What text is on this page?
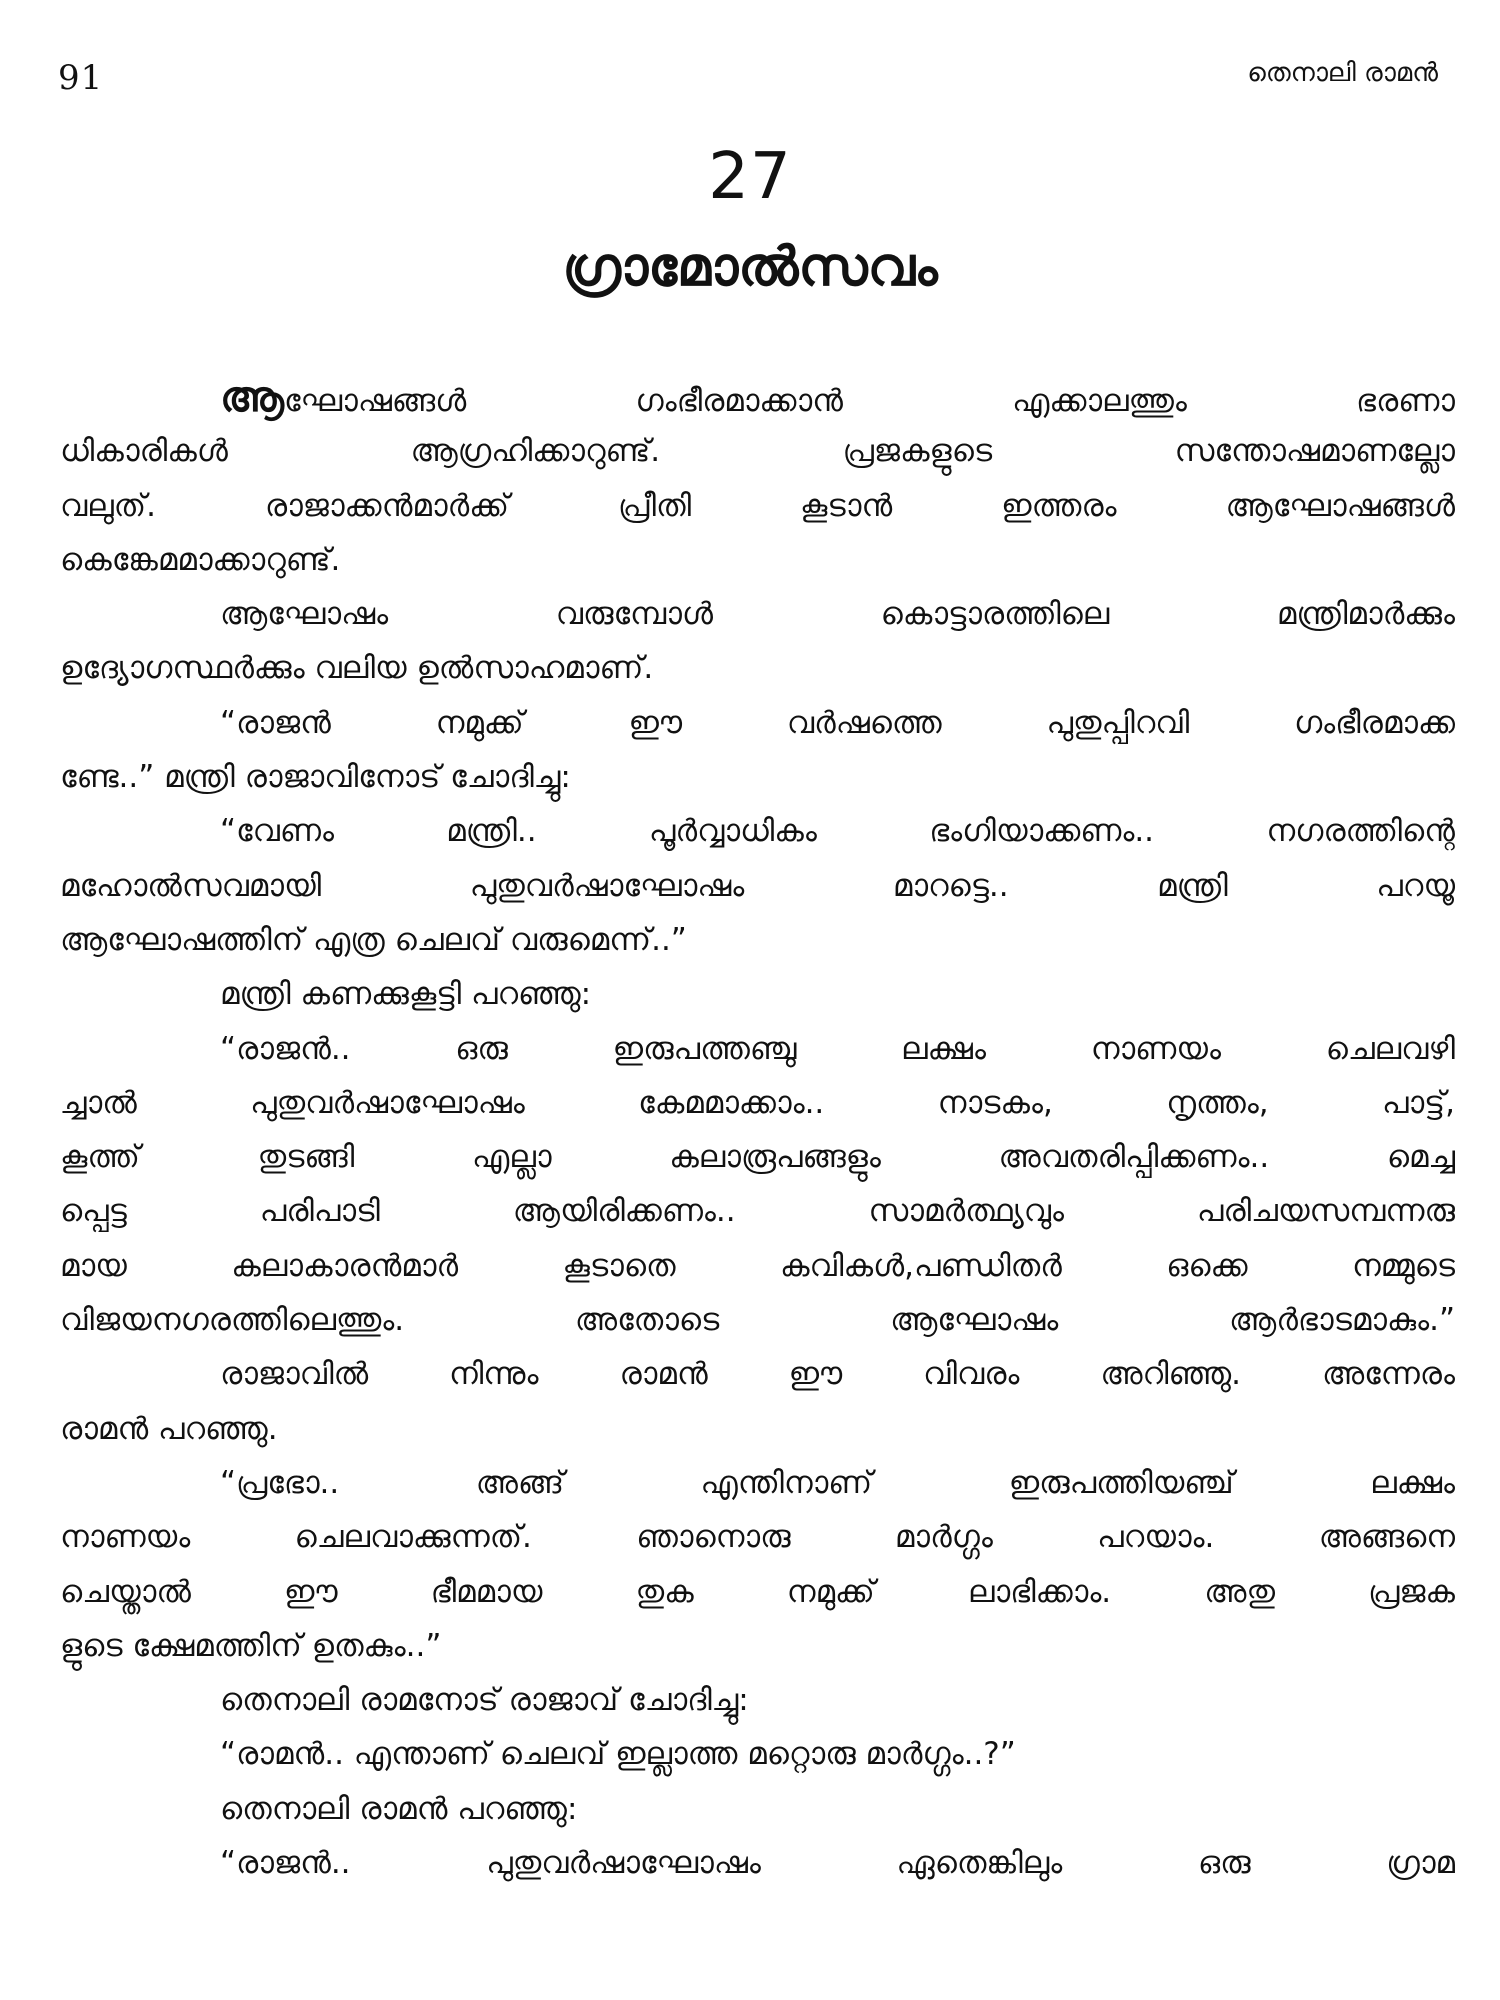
91	തെനാലി രാമൻ
27
ഗ്രാമോൽസവം
ആഘോഷങ്ങൾ ഗംഭീരമാക്കാൻ എക്കാലത്തും ഭരണാ
ധികാരികൾ ആഗ്രഹിക്കാറുണ്ട്. പ്രജകളുടെ സന്തോഷമാണല്ലോ
വലുത്. രാജാക്കൻമാർക്ക് പ്രീതി കൂടാൻ ഇത്തരം ആഘോഷങ്ങൾ
കെങ്കേമമാക്കാറുണ്ട്.
ആഘോഷം വരുമ്പോൾ കൊട്ടാരത്തിലെ മന്ത്രിമാർക്കും
ഉദ്യോഗസ്ഥർക്കും വലിയ ഉൽസാഹമാണ്.
“രാജൻ നമുക്ക് ഈ വർഷത്തെ പുതുപ്പിറവി ഗംഭീരമാക്ക
ണ്ടേ..” മന്ത്രി രാജാവിനോട് ചോദിച്ചു:
“വേണം മന്ത്രി.. പൂർവ്വാധികം ഭംഗിയാക്കണം.. നഗരത്തിന്റെ
മഹോൽസവമായി പുതുവർഷാഘോഷം മാറട്ടെ.. മന്ത്രി പറയൂ
ആഘോഷത്തിന് എത്ര ചെലവ് വരുമെന്ന്..”
മന്ത്രി കണക്കുകൂട്ടി പറഞ്ഞു:
“രാജൻ.. ഒരു ഇരുപത്തഞ്ചു ലക്ഷം നാണയം ചെലവഴി
ച്ചാൽ പുതുവർഷാഘോഷം കേമമാക്കാം.. നാടകം, നൃത്തം, പാട്ട്,
കൂത്ത് തുടങ്ങി എല്ലാ കലാരൂപങ്ങളും അവതരിപ്പിക്കണം.. മെച്ച
പ്പെട്ട പരിപാടി ആയിരിക്കണം.. സാമർത്ഥ്യവും പരിചയസമ്പന്നരു
മായ കലാകാരൻമാർ കൂടാതെ കവികൾ,പണ്ഡിതർ ഒക്കെ നമ്മുടെ
വിജയനഗരത്തിലെത്തും. അതോടെ ആഘോഷം ആർഭാടമാകും.”
രാജാവിൽ നിന്നും രാമൻ ഈ വിവരം അറിഞ്ഞു. അന്നേരം
രാമൻ പറഞ്ഞു.
“പ്രഭോ.. അങ്ങ് എന്തിനാണ് ഇരുപത്തിയഞ്ച് ലക്ഷം
നാണയം ചെലവാക്കുന്നത്. ഞാനൊരു മാർഗ്ഗം പറയാം. അങ്ങനെ
ചെയ്താൽ ഈ ഭീമമായ തുക നമുക്ക് ലാഭിക്കാം. അതു പ്രജക
ളുടെ ക്ഷേമത്തിന് ഉതകും..”
തെനാലി രാമനോട് രാജാവ് ചോദിച്ചു:
“രാമൻ.. എന്താണ് ചെലവ് ഇല്ലാത്ത മറ്റൊരു മാർഗ്ഗം..?”
തെനാലി രാമൻ പറഞ്ഞു:
“രാജൻ.. പുതുവർഷാഘോഷം ഏതെങ്കിലും ഒരു ഗ്രാമ
